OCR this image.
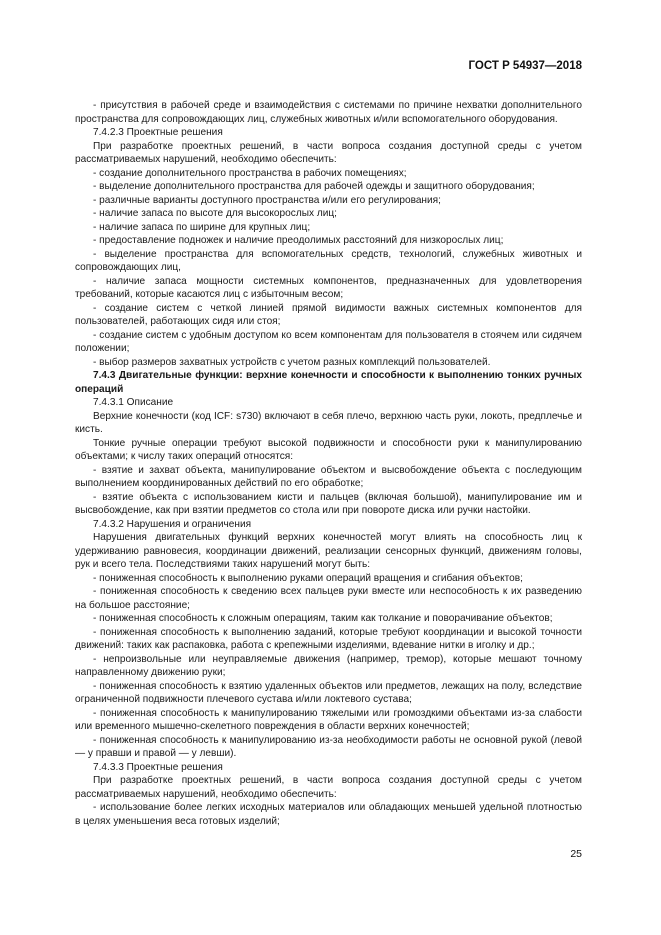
ГОСТ Р 54937—2018

- присутствия в рабочей среде и взаимодействия с системами по причине нехватки дополнительного пространства для сопровождающих лиц, служебных животных и/или вспомогательного оборудования.

7.4.2.3 Проектные решения

При разработке проектных решений, в части вопроса создания доступной среды с учетом рассматриваемых нарушений, необходимо обеспечить:

- создание дополнительного пространства в рабочих помещениях;

- выделение дополнительного пространства для рабочей одежды и защитного оборудования;

- различные варианты доступного пространства и/или его регулирования;

- наличие запаса по высоте для высокорослых лиц;

- наличие запаса по ширине для крупных лиц;

- предоставление подножек и наличие преодолимых расстояний для низкорослых лиц;

- выделение пространства для вспомогательных средств, технологий, служебных животных и сопровождающих лиц,

- наличие запаса мощности системных компонентов, предназначенных для удовлетворения требований, которые касаются лиц с избыточным весом;

- создание систем с четкой линией прямой видимости важных системных компонентов для пользователей, работающих сидя или стоя;

- создание систем с удобным доступом ко всем компонентам для пользователя в стоячем или сидячем положении;

- выбор размеров захватных устройств с учетом разных комплекций пользователей.

7.4.3 Двигательные функции: верхние конечности и способности к выполнению тонких ручных операций

7.4.3.1 Описание

Верхние конечности (код ICF: s730) включают в себя плечо, верхнюю часть руки, локоть, предплечье и кисть.

Тонкие ручные операции требуют высокой подвижности и способности руки к манипулированию объектами; к числу таких операций относятся:

- взятие и захват объекта, манипулирование объектом и высвобождение объекта с последующим выполнением координированных действий по его обработке;

- взятие объекта с использованием кисти и пальцев (включая большой), манипулирование им и высвобождение, как при взятии предметов со стола или при повороте диска или ручки настойки.

7.4.3.2 Нарушения и ограничения

Нарушения двигательных функций верхних конечностей могут влиять на способность лиц к удерживанию равновесия, координации движений, реализации сенсорных функций, движениям головы, рук и всего тела. Последствиями таких нарушений могут быть:

- пониженная способность к выполнению руками операций вращения и сгибания объектов;

- пониженная способность к сведению всех пальцев руки вместе или неспособность к их разведению на большое расстояние;

- пониженная способность к сложным операциям, таким как толкание и поворачивание объектов;

- пониженная способность к выполнению заданий, которые требуют координации и высокой точности движений: таких как распаковка, работа с крепежными изделиями, вдевание нитки в иголку и др.;

- непроизвольные или неуправляемые движения (например, тремор), которые мешают точному направленному движению руки;

- пониженная способность к взятию удаленных объектов или предметов, лежащих на полу, вследствие ограниченной подвижности плечевого сустава и/или локтевого сустава;

- пониженная способность к манипулированию тяжелыми или громоздкими объектами из-за слабости или временного мышечно-скелетного повреждения в области верхних конечностей;

- пониженная способность к манипулированию из-за необходимости работы не основной рукой (левой — у правши и правой — у левши).

7.4.3.3 Проектные решения

При разработке проектных решений, в части вопроса создания доступной среды с учетом рассматриваемых нарушений, необходимо обеспечить:

- использование более легких исходных материалов или обладающих меньшей удельной плотностью в целях уменьшения веса готовых изделий;

25
